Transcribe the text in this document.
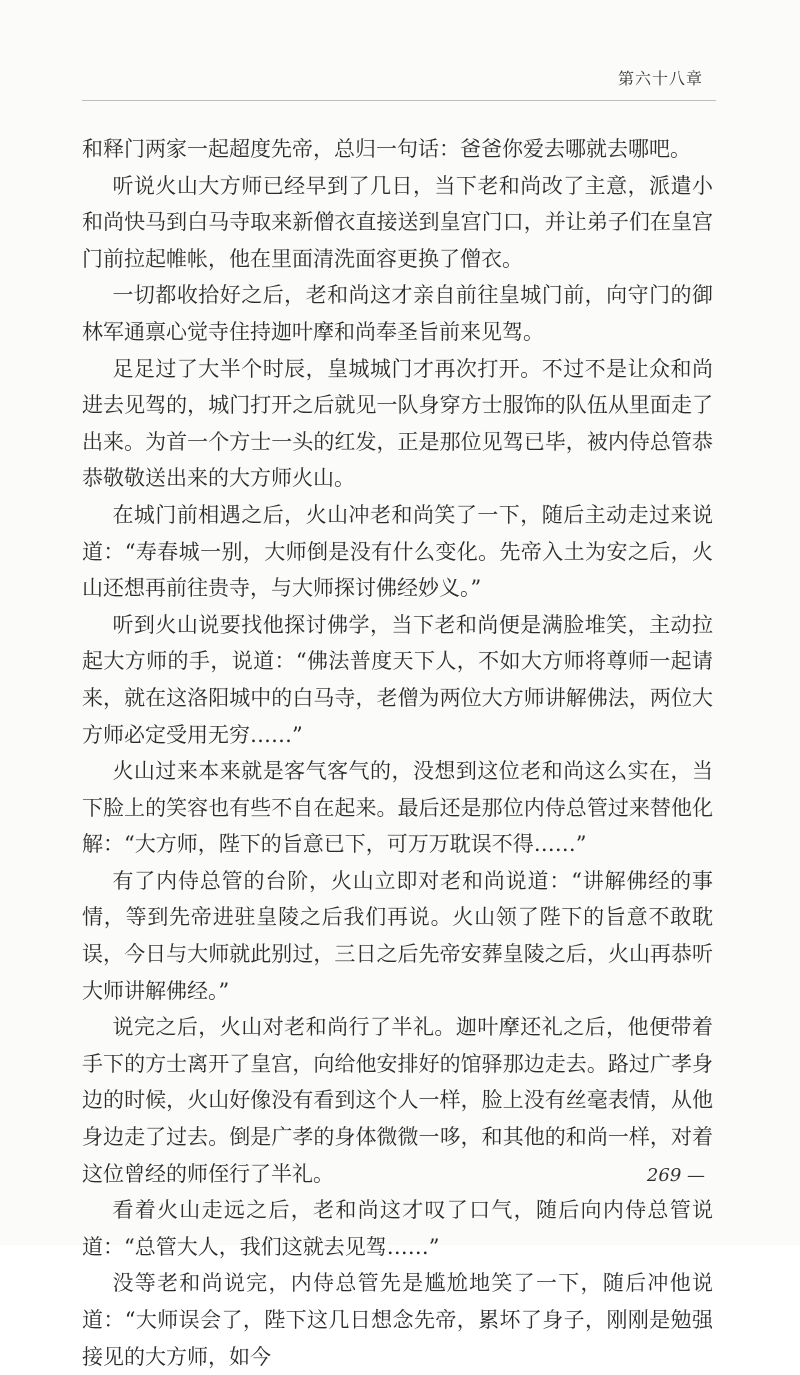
第六十八章

和释门两家一起超度先帝，总归一句话：爸爸你爱去哪就去哪吧。

听说火山大方师已经早到了几日，当下老和尚改了主意，派遣小和尚快马到白马寺取来新僧衣直接送到皇宫门口，并让弟子们在皇宫门前拉起帷帐，他在里面清洗面容更换了僧衣。

一切都收拾好之后，老和尚这才亲自前往皇城门前，向守门的御林军通禀心觉寺住持迦叶摩和尚奉圣旨前来见驾。

足足过了大半个时辰，皇城城门才再次打开。不过不是让众和尚进去见驾的，城门打开之后就见一队身穿方士服饰的队伍从里面走了出来。为首一个方士一头的红发，正是那位见驾已毕，被内侍总管恭恭敬敬送出来的大方师火山。

在城门前相遇之后，火山冲老和尚笑了一下，随后主动走过来说道：“寿春城一别，大师倒是没有什么变化。先帝入土为安之后，火山还想再前往贵寺，与大师探讨佛经妙义。”

听到火山说要找他探讨佛学，当下老和尚便是满脸堆笑，主动拉起大方师的手，说道：“佛法普度天下人，不如大方师将尊师一起请来，就在这洛阳城中的白马寺，老僧为两位大方师讲解佛法，两位大方师必定受用无穷……”

火山过来本来就是客气客气的，没想到这位老和尚这么实在，当下脸上的笑容也有些不自在起来。最后还是那位内侍总管过来替他化解：“大方师，陛下的旨意已下，可万万耽误不得……”

有了内侍总管的台阶，火山立即对老和尚说道：“讲解佛经的事情，等到先帝进驻皇陵之后我们再说。火山领了陛下的旨意不敢耽误，今日与大师就此别过，三日之后先帝安葬皇陵之后，火山再恭听大师讲解佛经。”

说完之后，火山对老和尚行了半礼。迦叶摩还礼之后，他便带着手下的方士离开了皇宫，向给他安排好的馆驿那边走去。路过广孝身边的时候，火山好像没有看到这个人一样，脸上没有丝毫表情，从他身边走了过去。倒是广孝的身体微微一哆，和其他的和尚一样，对着这位曾经的师侄行了半礼。

看着火山走远之后，老和尚这才叹了口气，随后向内侍总管说道：“总管大人，我们这就去见驾……”

没等老和尚说完，内侍总管先是尴尬地笑了一下，随后冲他说道：“大师误会了，陛下这几日想念先帝，累坏了身子，刚刚是勉强接见的大方师，如今

269 —
